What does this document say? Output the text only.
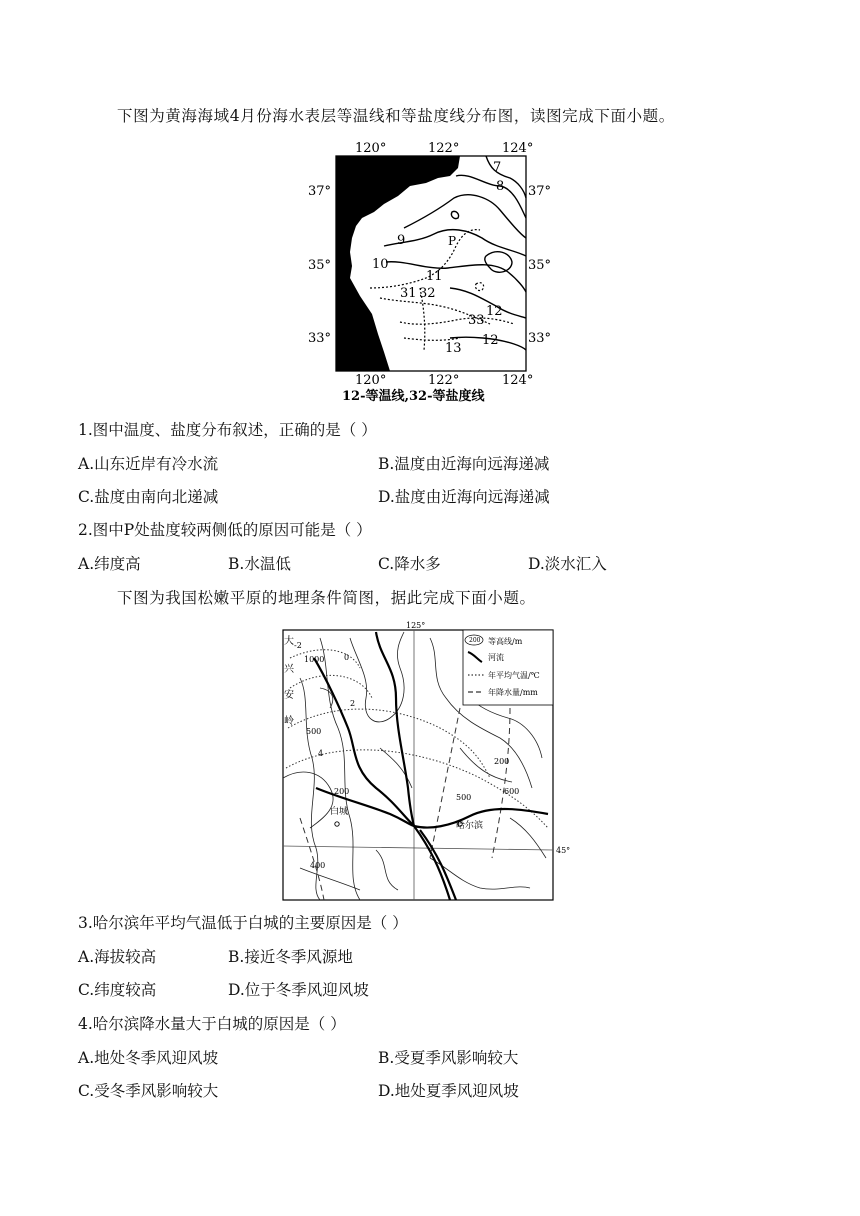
下图为黄海海域4月份海水表层等温线和等盐度线分布图，读图完成下面小题。
120°	122°	124°
37°
35°
33°
37°
35°
33°
7
8
9
10
11
12
12
13
31 32
33
P
120°	122°	124°
12-等温线,32-等盐度线
1.图中温度、盐度分布叙述，正确的是（ ）
A.山东近岸有冷水流	B.温度由近海向远海递减
C.盐度由南向北递减	D.盐度由近海向远海递减
2.图中P处盐度较两侧低的原因可能是（ ）
A.纬度高	B.水温低	C.降水多	D.淡水汇入
下图为我国松嫩平原的地理条件简图，据此完成下面小题。
125°
45°
200 等高线/m
河流
年平均气温/℃
年降水量/mm
大
兴
安
岭
-2
0
2
4
1000
500
200
200
400
500
600
白城
哈尔滨
3.哈尔滨年平均气温低于白城的主要原因是（ ）
A.海拔较高	B.接近冬季风源地
C.纬度较高	D.位于冬季风迎风坡
4.哈尔滨降水量大于白城的原因是（ ）
A.地处冬季风迎风坡	B.受夏季风影响较大
C.受冬季风影响较大	D.地处夏季风迎风坡
